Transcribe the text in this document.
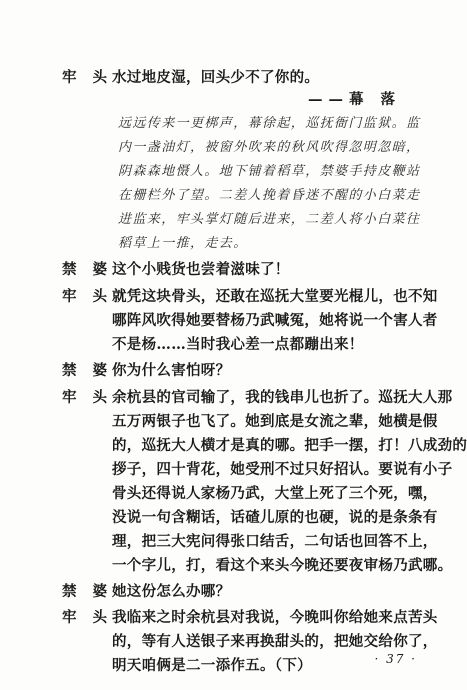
——幕 落
牢头
水过地皮湿，回头少不了你的。
远远传来一更梆声，幕徐起，巡抚衙门监狱。监
内一盏油灯，被窗外吹来的秋风吹得忽明忽暗，
阴森森地慑人。地下铺着稻草，禁婆手持皮鞭站
在栅栏外了望。二差人挽着昏迷不醒的小白菜走
进监来，牢头掌灯随后进来，二差人将小白菜往
稻草上一推，走去。
禁婆
这个小贱货也尝着滋味了！
牢头
就凭这块骨头，还敢在巡抚大堂要光棍儿，也不知
哪阵风吹得她要替杨乃武喊冤，她将说一个害人者
不是杨……当时我心差一点都蹦出来！
禁婆
你为什么害怕呀？
牢头
余杭县的官司输了，我的钱串儿也折了。巡抚大人那
五万两银子也飞了。她到底是女流之辈，她横是假
的，巡抚大人横才是真的哪。把手一摆，打！八成劲的
拶子，四十背花，她受刑不过只好招认。要说有小子
骨头还得说人家杨乃武，大堂上死了三个死，嘿，
没说一句含糊话，话碴儿原的也硬，说的是条条有
理，把三大宪问得张口结舌，二句话也回答不上，
一个字儿，打，看这个来头今晚还要夜审杨乃武哪。
禁婆
她这份怎么办哪？
牢头
我临来之时余杭县对我说，今晚叫你给她来点苦头
的，等有人送银子来再换甜头的，把她交给你了，
明天咱俩是二一添作五。（下）	· 37 ·
